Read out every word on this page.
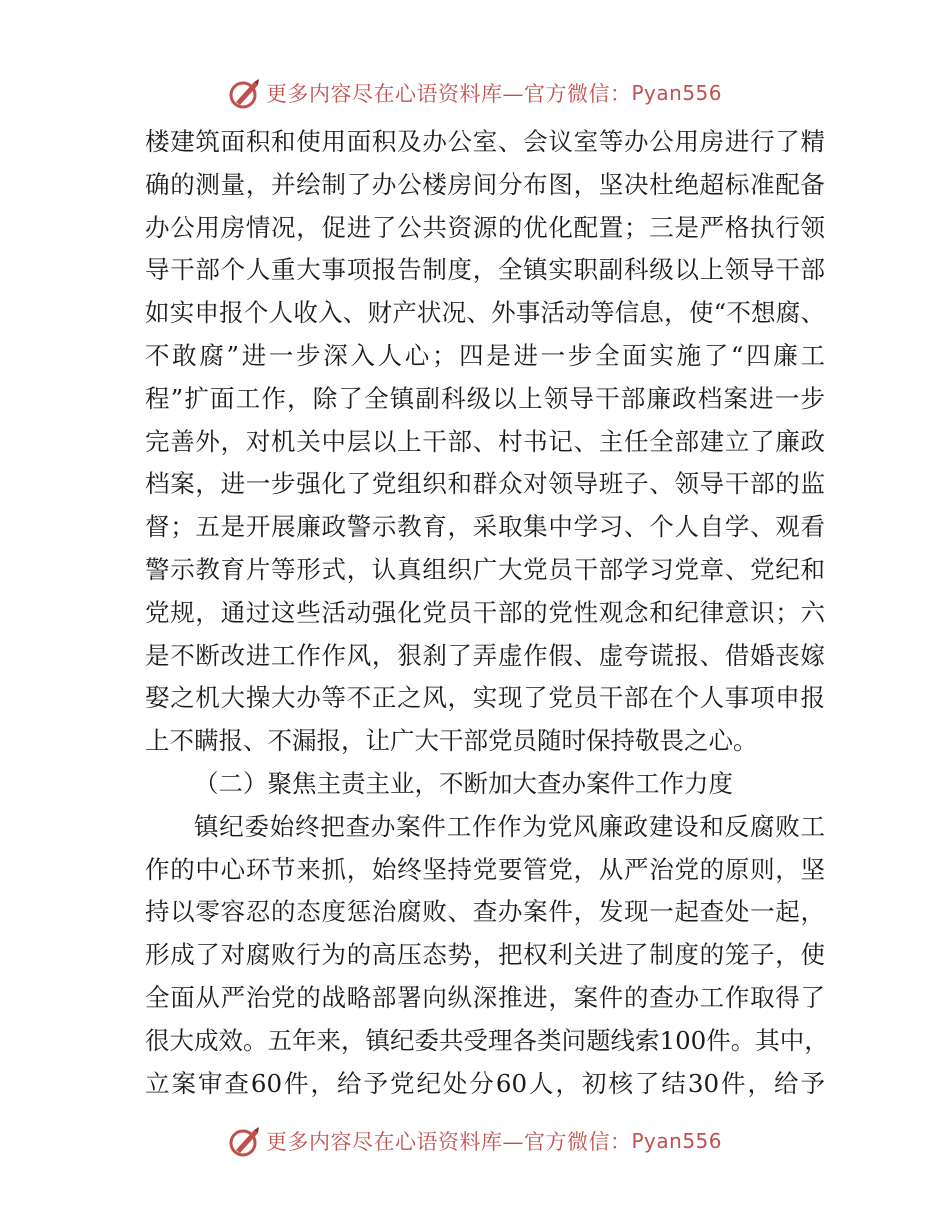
更多内容尽在心语资料库—官方微信： Pyan556
楼建筑面积和使用面积及办公室、会议室等办公用房进行了精
确的测量，并绘制了办公楼房间分布图，坚决杜绝超标准配备
办公用房情况，促进了公共资源的优化配置；三是严格执行领
导干部个人重大事项报告制度，全镇实职副科级以上领导干部
如实申报个人收入、财产状况、外事活动等信息，使“不想腐、
不敢腐”进一步深入人心；四是进一步全面实施了“四廉工
程”扩面工作，除了全镇副科级以上领导干部廉政档案进一步
完善外，对机关中层以上干部、村书记、主任全部建立了廉政
档案，进一步强化了党组织和群众对领导班子、领导干部的监
督；五是开展廉政警示教育，采取集中学习、个人自学、观看
警示教育片等形式，认真组织广大党员干部学习党章、党纪和
党规，通过这些活动强化党员干部的党性观念和纪律意识；六
是不断改进工作作风，狠刹了弄虚作假、虚夸谎报、借婚丧嫁
娶之机大操大办等不正之风，实现了党员干部在个人事项申报
上不瞒报、不漏报，让广大干部党员随时保持敬畏之心。
（二）聚焦主责主业，不断加大查办案件工作力度
镇纪委始终把查办案件工作作为党风廉政建设和反腐败工
作的中心环节来抓，始终坚持党要管党，从严治党的原则，坚
持以零容忍的态度惩治腐败、查办案件，发现一起查处一起，
形成了对腐败行为的高压态势，把权利关进了制度的笼子，使
全面从严治党的战略部署向纵深推进，案件的查办工作取得了
很大成效。五年来，镇纪委共受理各类问题线索100件。其中，
立案审查60件，给予党纪处分60人，初核了结30件，给予
更多内容尽在心语资料库—官方微信： Pyan556
